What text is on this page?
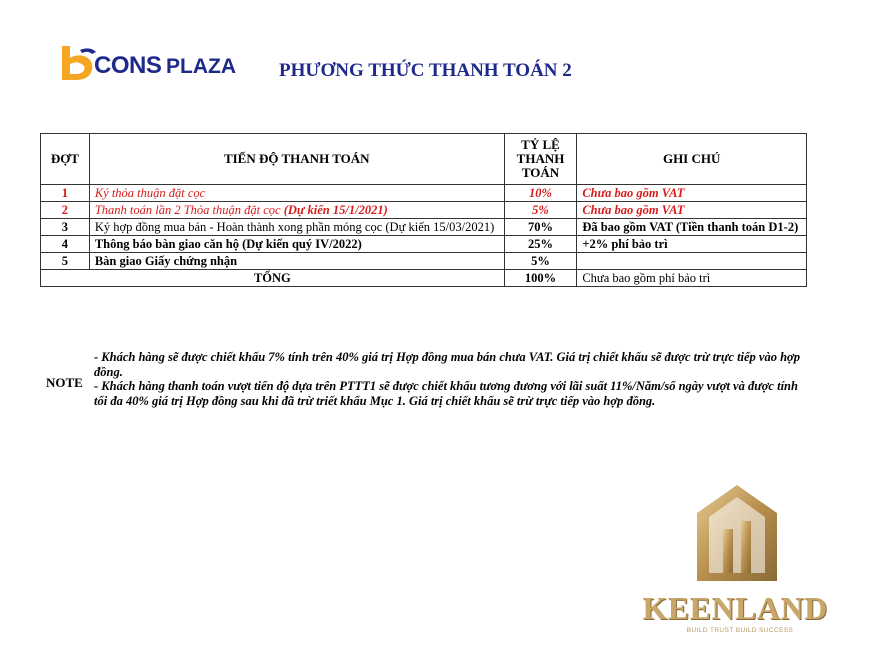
CONS PLAZA PHƯƠNG THỨC THANH TOÁN 2
ĐỢT	TIẾN ĐỘ THANH TOÁN	TỶ LỆ THANH TOÁN	GHI CHÚ
1	Ký thỏa thuận đặt cọc	10%	Chưa bao gồm VAT
2	Thanh toán lần 2 Thỏa thuận đặt cọc (Dự kiến 15/1/2021)	5%	Chưa bao gồm VAT
3	Ký hợp đồng mua bán - Hoàn thành xong phần móng cọc (Dự kiến 15/03/2021)	70%	Đã bao gồm VAT (Tiền thanh toán D1-2)
4	Thông báo bàn giao căn hộ (Dự kiến quý IV/2022)	25%	+2% phí bảo trì
5	Bàn giao Giấy chứng nhận	5%	
TỔNG		100%	Chưa bao gồm phí bảo trì
NOTE

- Khách hàng sẽ được chiết khấu 7% tính trên 40% giá trị Hợp đồng mua bán chưa VAT. Giá trị chiết khấu sẽ được trừ trực tiếp vào hợp đồng.

- Khách hàng thanh toán vượt tiến độ dựa trên PTTT1 sẽ được chiết khấu tương đương với lãi suất 11%/Năm/số ngày vượt và được tính tối đa 40% giá trị Hợp đồng sau khi đã trừ triết khấu Mục 1. Giá trị chiết khấu sẽ trừ trực tiếp vào hợp đồng.

KEENLAND
BUILD TRUST BUILD SUCCESS
